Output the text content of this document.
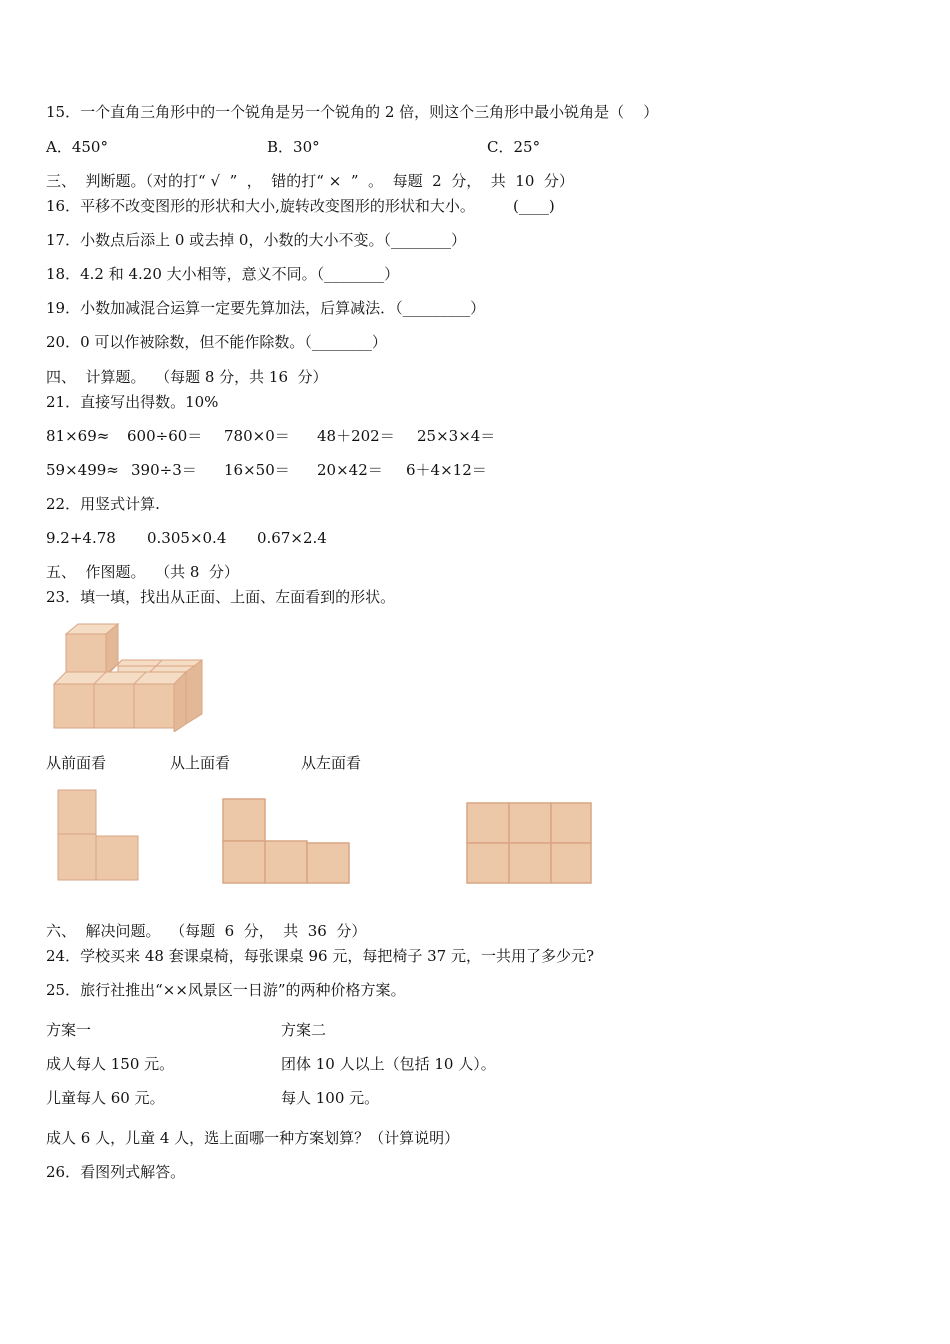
15．一个直角三角形中的一个锐角是另一个锐角的 2 倍，则这个三角形中最小锐角是（    ）
A．450°	B．30°	C．25°
三、  判断题。（对的打“ √  ”  ，  错的打“ ×  ”  。  每题  2  分，  共  10  分）
16．平移不改变图形的形状和大小,旋转改变图形的形状和大小。        (____)
17．小数点后添上 0 或去掉 0，小数的大小不变。（________）
18．4.2 和 4.20 大小相等，意义不同。（________）
19．小数加减混合运算一定要先算加法，后算减法．（_________）
20．0 可以作被除数，但不能作除数。（________）
四、  计算题。  （每题 8 分，共 16  分）
21．直接写出得数。10%
81×69≈ 600÷60＝ 780×0＝ 48＋202＝ 25×3×4＝
59×499≈ 390÷3＝ 16×50＝ 20×42＝ 6＋4×12＝
22．用竖式计算.
9.2+4.78 0.305×0.4 0.67×2.4
五、  作图题。  （共 8  分）
23．填一填，找出从正面、上面、左面看到的形状。
从前面看	从上面看	从左面看
六、  解决问题。  （每题  6  分，  共  36  分）
24．学校买来 48 套课桌椅，每张课桌 96 元，每把椅子 37 元，一共用了多少元?
25．旅行社推出“××风景区一日游”的两种价格方案。
方案一	方案二
成人每人 150 元。	团体 10 人以上（包括 10 人）。
儿童每人 60 元。	每人 100 元。
成人 6 人，儿童 4 人，选上面哪一种方案划算？（计算说明）
26．看图列式解答。
